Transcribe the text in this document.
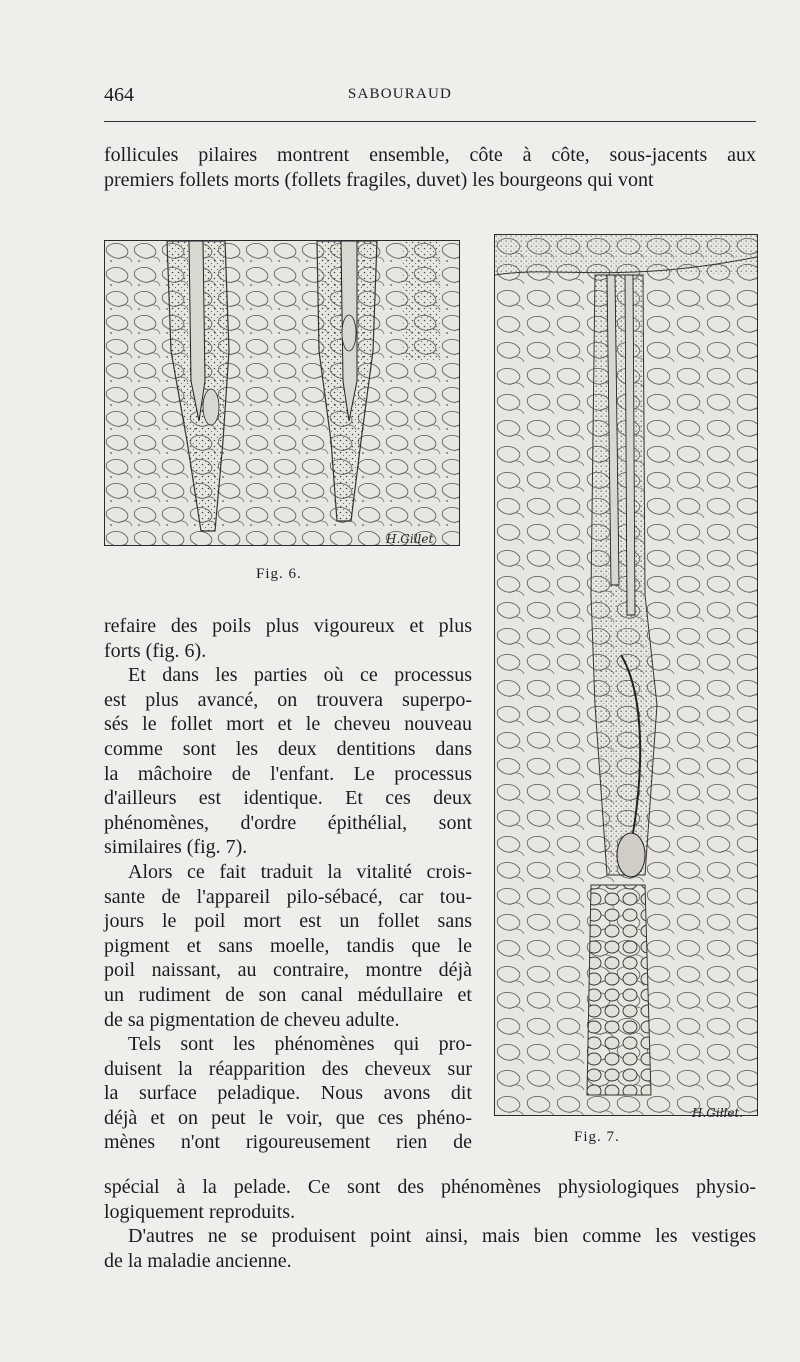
464	SABOURAUD
follicules pilaires montrent ensemble, côte à côte, sous-jacents aux
premiers follets morts (follets fragiles, duvet) les bourgeons qui vont
H.Gillet
Fig. 6.
H.Gillet.
Fig. 7.
refaire des poils plus vigoureux et plus
forts (fig. 6).
Et dans les parties où ce processus
est plus avancé, on trouvera superpo-
sés le follet mort et le cheveu nouveau
comme sont les deux dentitions dans
la mâchoire de l'enfant. Le processus
d'ailleurs est identique. Et ces deux
phénomènes, d'ordre épithélial, sont
similaires (fig. 7).
Alors ce fait traduit la vitalité crois-
sante de l'appareil pilo-sébacé, car tou-
jours le poil mort est un follet sans
pigment et sans moelle, tandis que le
poil naissant, au contraire, montre déjà
un rudiment de son canal médullaire et
de sa pigmentation de cheveu adulte.
Tels sont les phénomènes qui pro-
duisent la réapparition des cheveux sur
la surface peladique. Nous avons dit
déjà et on peut le voir, que ces phéno-
mènes n'ont rigoureusement rien de
spécial à la pelade. Ce sont des phénomènes physiologiques physio-
logiquement reproduits.
D'autres ne se produisent point ainsi, mais bien comme les vestiges
de la maladie ancienne.
